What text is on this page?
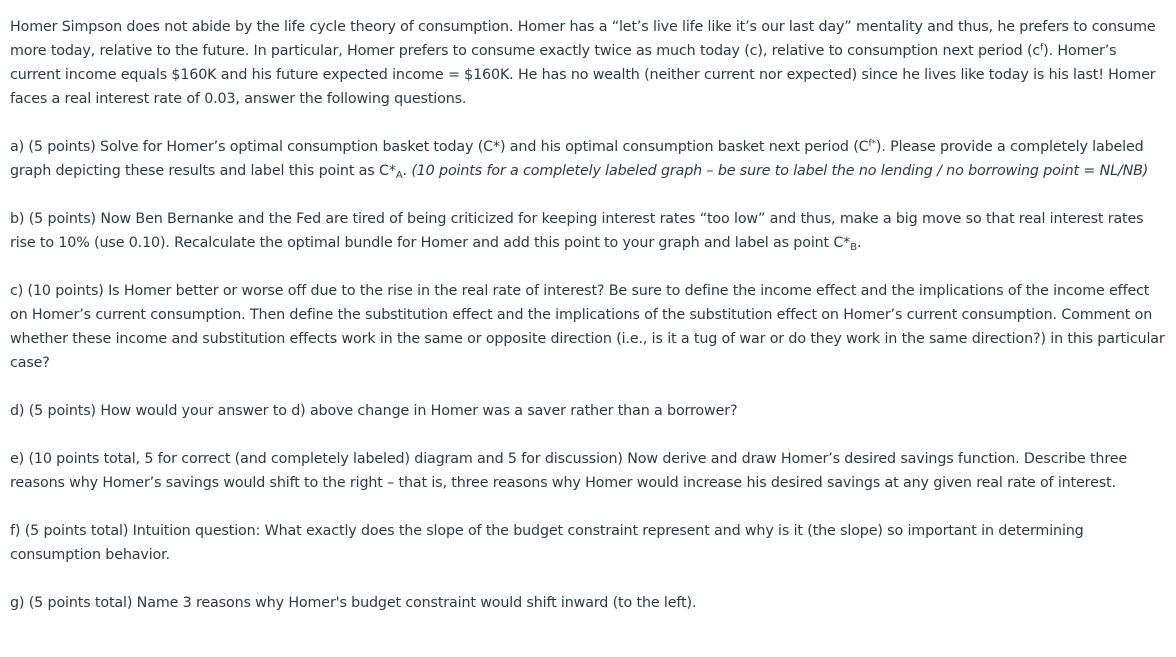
Homer Simpson does not abide by the life cycle theory of consumption. Homer has a “let’s live life like it’s our last day” mentality and thus, he prefers to consume more today, relative to the future. In particular, Homer prefers to consume exactly twice as much today (c), relative to consumption next period $(c^f)$. Homer’s current income equals $160K and his future expected income = $160K. He has no wealth (neither current nor expected) since he lives like today is his last! Homer faces a real interest rate of 0.03, answer the following questions.

a) (5 points) Solve for Homer’s optimal consumption basket today (C*) and his optimal consumption basket next period $(C^{f*})$. Please provide a completely labeled graph depicting these results and label this point as $C*_A$. (10 points for a completely labeled graph – be sure to label the no lending / no borrowing point = NL/NB)

b) (5 points) Now Ben Bernanke and the Fed are tired of being criticized for keeping interest rates “too low” and thus, make a big move so that real interest rates rise to 10% (use 0.10). Recalculate the optimal bundle for Homer and add this point to your graph and label as point $C*_B$.

c) (10 points) Is Homer better or worse off due to the rise in the real rate of interest? Be sure to define the income effect and the implications of the income effect on Homer’s current consumption. Then define the substitution effect and the implications of the substitution effect on Homer’s current consumption. Comment on whether these income and substitution effects work in the same or opposite direction (i.e., is it a tug of war or do they work in the same direction?) in this particular case?

d) (5 points) How would your answer to d) above change in Homer was a saver rather than a borrower?

e) (10 points total, 5 for correct (and completely labeled) diagram and 5 for discussion) Now derive and draw Homer’s desired savings function. Describe three reasons why Homer’s savings would shift to the right – that is, three reasons why Homer would increase his desired savings at any given real rate of interest.

f) (5 points total) Intuition question: What exactly does the slope of the budget constraint represent and why is it (the slope) so important in determining consumption behavior.

g) (5 points total) Name 3 reasons why Homer's budget constraint would shift inward (to the left).
